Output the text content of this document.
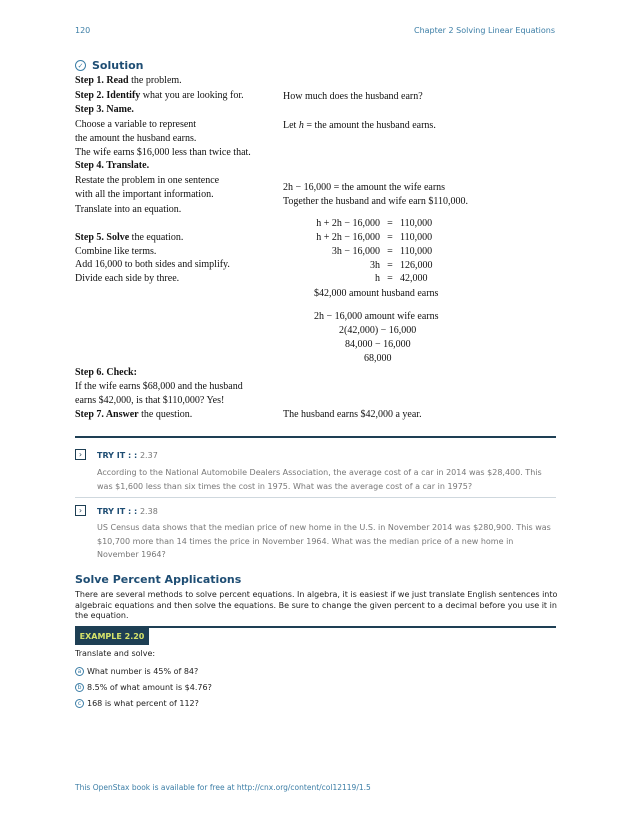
120	Chapter 2 Solving Linear Equations
✓ Solution
Step 1. Read the problem.
Step 2. Identify what you are looking for.	How much does the husband earn?
Step 3. Name.
Choose a variable to represent	Let h = the amount the husband earns.
the amount the husband earns.
The wife earns $16,000 less than twice that.
Step 4. Translate.
Restate the problem in one sentence
with all the important information.
2h − 16,000 = the amount the wife earns
Together the husband and wife earn $110,000.
Translate into an equation.
Step 5. Solve the equation.
Combine like terms.
Add 16,000 to both sides and simplify.
Divide each side by three.
h + 2h − 16,000 = 110,000
h + 2h − 16,000 = 110,000
3h − 16,000 = 110,000
3h = 126,000
h = 42,000
$42,000 amount husband earns
2h − 16,000 amount wife earns
2(42,000) − 16,000
84,000 − 16,000
68,000
Step 6. Check:
If the wife earns $68,000 and the husband
earns $42,000, is that $110,000? Yes!
Step 7. Answer the question.	The husband earns $42,000 a year.
› TRY IT : : 2.37
According to the National Automobile Dealers Association, the average cost of a car in 2014 was $28,400. This was $1,600 less than six times the cost in 1975. What was the average cost of a car in 1975?
› TRY IT : : 2.38
US Census data shows that the median price of new home in the U.S. in November 2014 was $280,900. This was $10,700 more than 14 times the price in November 1964. What was the median price of a new home in November 1964?
Solve Percent Applications
There are several methods to solve percent equations. In algebra, it is easiest if we just translate English sentences into algebraic equations and then solve the equations. Be sure to change the given percent to a decimal before you use it in the equation.
EXAMPLE 2.20
Translate and solve:
a What number is 45% of 84?
b 8.5% of what amount is $4.76?
c 168 is what percent of 112?
This OpenStax book is available for free at http://cnx.org/content/col12119/1.5
